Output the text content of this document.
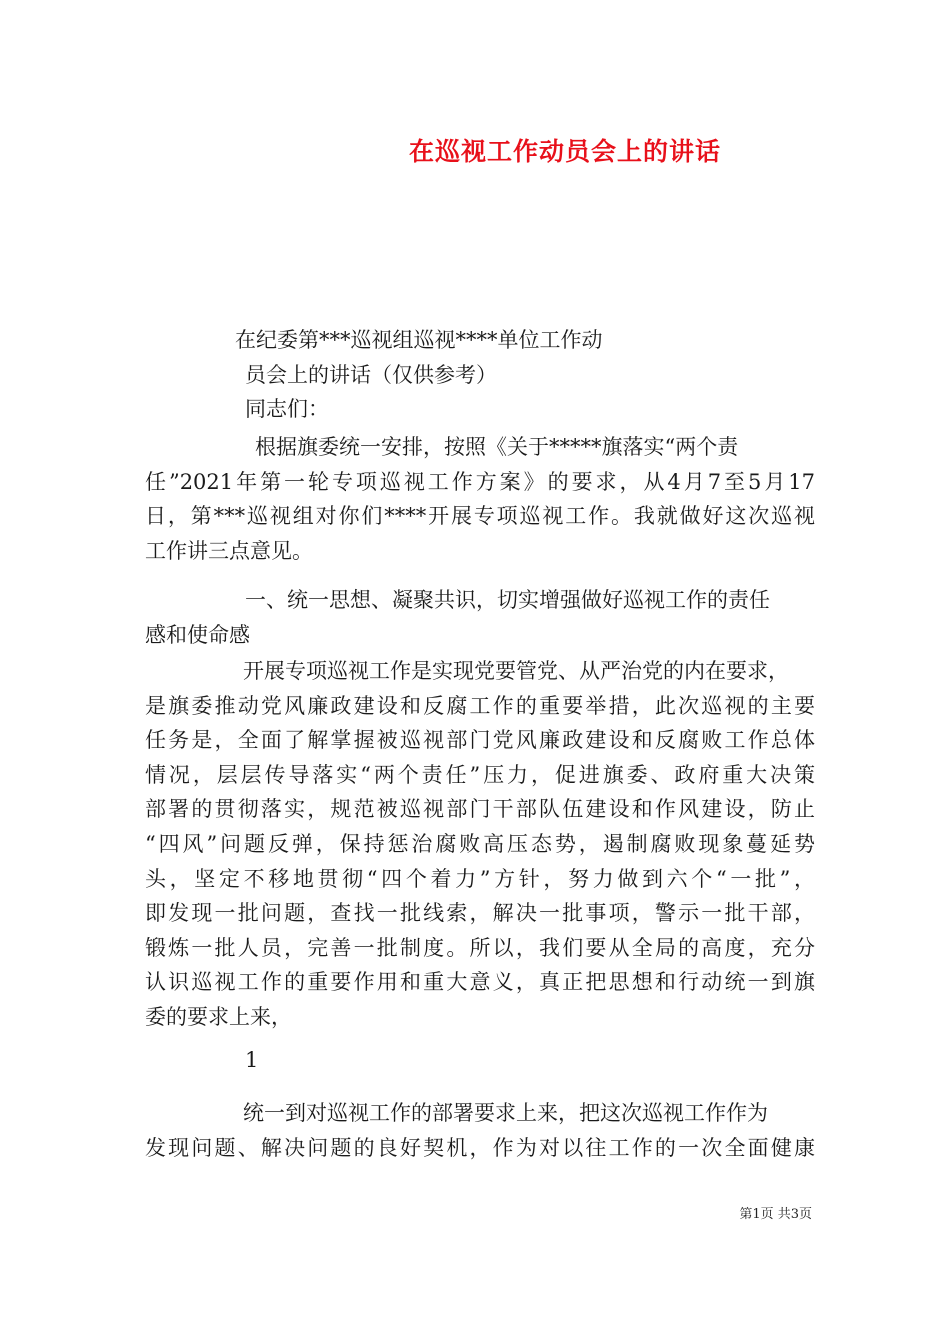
在巡视工作动员会上的讲话
在纪委第***巡视组巡视****单位工作动
员会上的讲话（仅供参考）
同志们：
根据旗委统一安排，按照《关于*****旗落实“两个责
任”2021年第一轮专项巡视工作方案》的要求，从4月7至5月17
日，第***巡视组对你们****开展专项巡视工作。我就做好这次巡视
工作讲三点意见。
一、统一思想、凝聚共识，切实增强做好巡视工作的责任
感和使命感
开展专项巡视工作是实现党要管党、从严治党的内在要求，
是旗委推动党风廉政建设和反腐工作的重要举措，此次巡视的主要
任务是，全面了解掌握被巡视部门党风廉政建设和反腐败工作总体
情况，层层传导落实“两个责任”压力，促进旗委、政府重大决策
部署的贯彻落实，规范被巡视部门干部队伍建设和作风建设，防止
“四风”问题反弹，保持惩治腐败高压态势，遏制腐败现象蔓延势
头，坚定不移地贯彻“四个着力”方针，努力做到六个“一批”，
即发现一批问题，查找一批线索，解决一批事项，警示一批干部，
锻炼一批人员，完善一批制度。所以，我们要从全局的高度，充分
认识巡视工作的重要作用和重大意义，真正把思想和行动统一到旗
委的要求上来，
1
统一到对巡视工作的部署要求上来，把这次巡视工作作为
发现问题、解决问题的良好契机，作为对以往工作的一次全面健康
第1页 共3页
